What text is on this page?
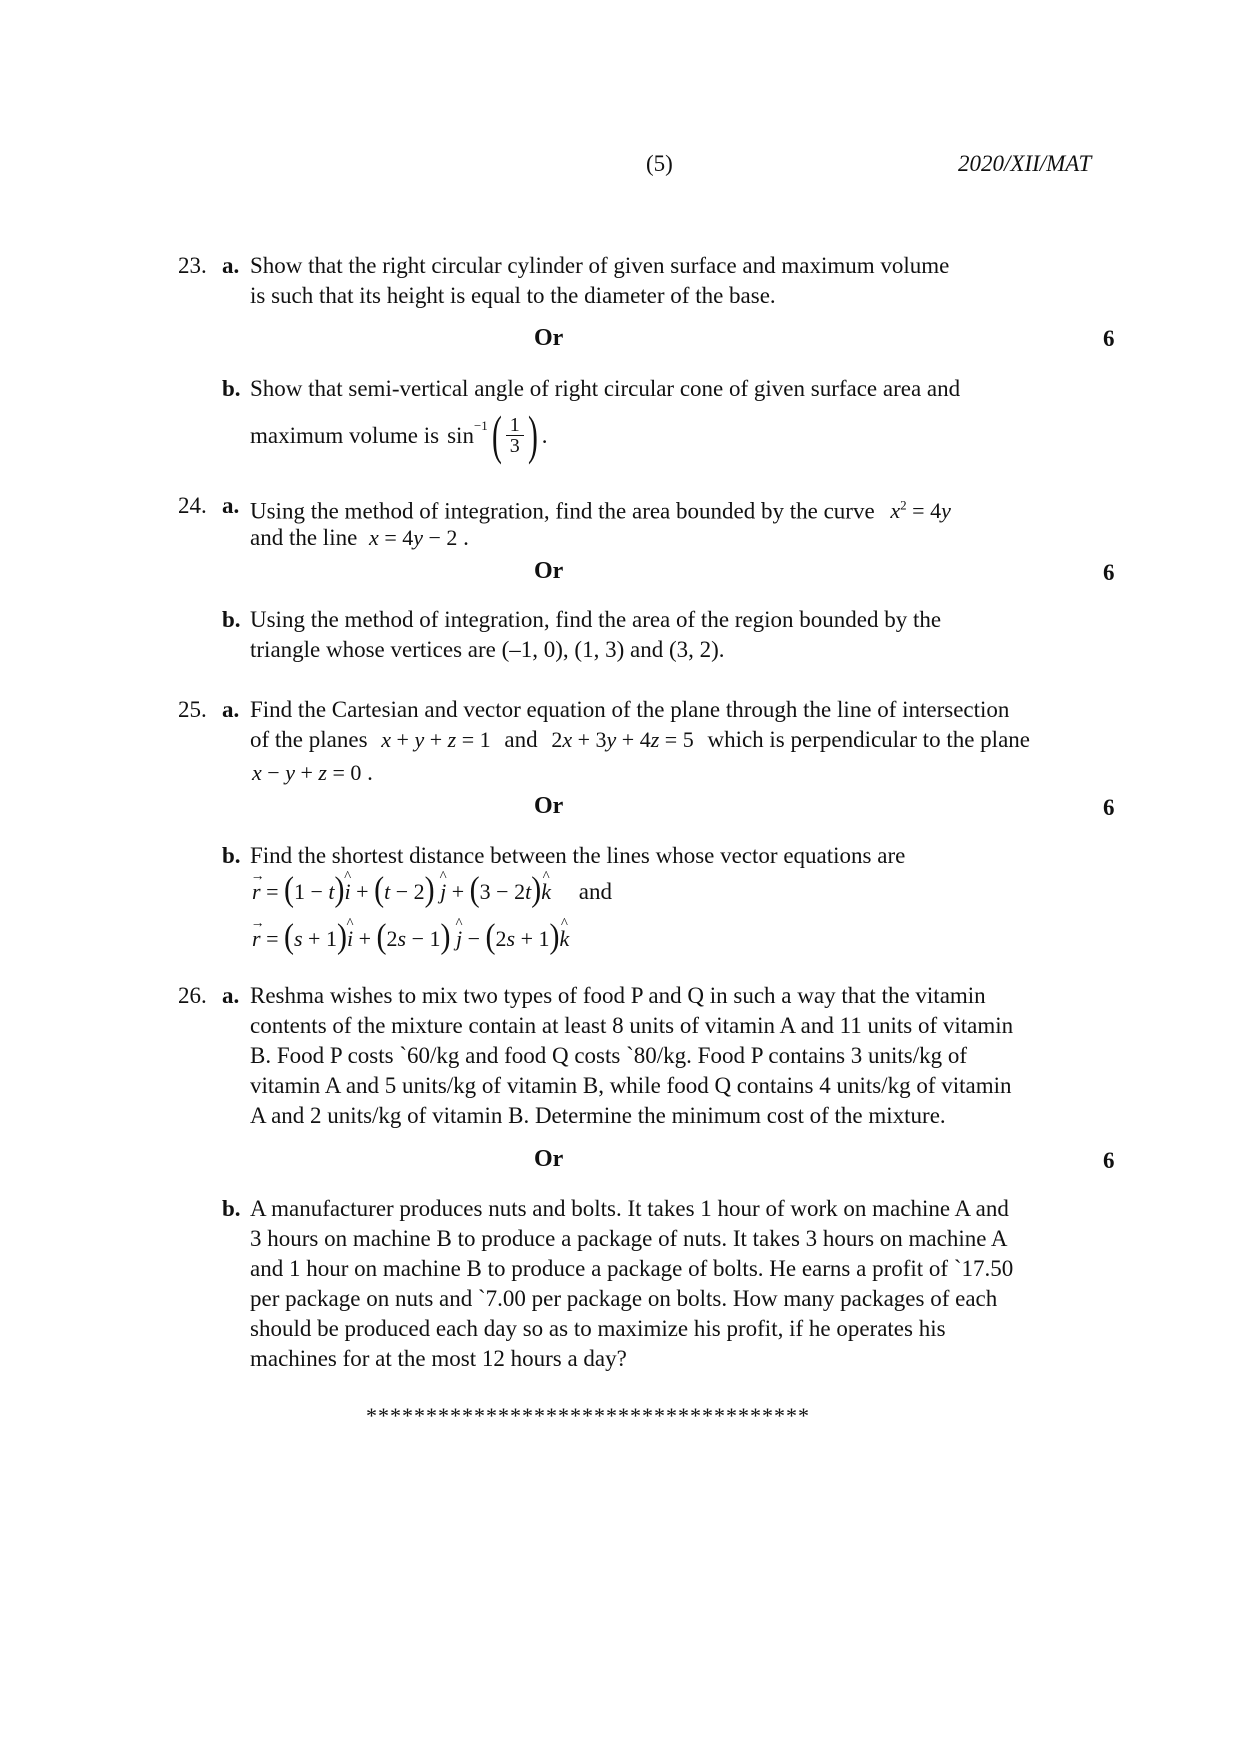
(5)	2020/XII/MAT
23. a. Show that the right circular cylinder of given surface and maximum volume
is such that its height is equal to the diameter of the base.
Or	6
b. Show that semi-vertical angle of right circular cone of given surface area and
maximum volume is $\sin^{-1}$ ( $\frac{1}{3}$ ) .
24. a. Using the method of integration, find the area bounded by the curve $x^2 = 4y$
and the line x = 4y − 2 .
Or	6
b. Using the method of integration, find the area of the region bounded by the
triangle whose vertices are (–1, 0), (1, 3) and (3, 2).
25. a. Find the Cartesian and vector equation of the plane through the line of intersection
of the planes x + y + z = 1 and 2x + 3y + 4z = 5 which is perpendicular to the plane
x − y + z = 0 .
Or	6
b. Find the shortest distance between the lines whose vector equations are
r → = (1 − t)i ^ + (t − 2) j ^ + (3 − 2t)k ^ and
r → = (s + 1)i ^ + (2s − 1) j ^ − (2s + 1)k ^
26. a. Reshma wishes to mix two types of food P and Q in such a way that the vitamin
contents of the mixture contain at least 8 units of vitamin A and 11 units of vitamin
B. Food P costs `60/kg and food Q costs `80/kg. Food P contains 3 units/kg of
vitamin A and 5 units/kg of vitamin B, while food Q contains 4 units/kg of vitamin
A and 2 units/kg of vitamin B. Determine the minimum cost of the mixture.
Or	6
b. A manufacturer produces nuts and bolts. It takes 1 hour of work on machine A and
3 hours on machine B to produce a package of nuts. It takes 3 hours on machine A
and 1 hour on machine B to produce a package of bolts. He earns a profit of `17.50
per package on nuts and `7.00 per package on bolts. How many packages of each
should be produced each day so as to maximize his profit, if he operates his
machines for at the most 12 hours a day?
*************************************
